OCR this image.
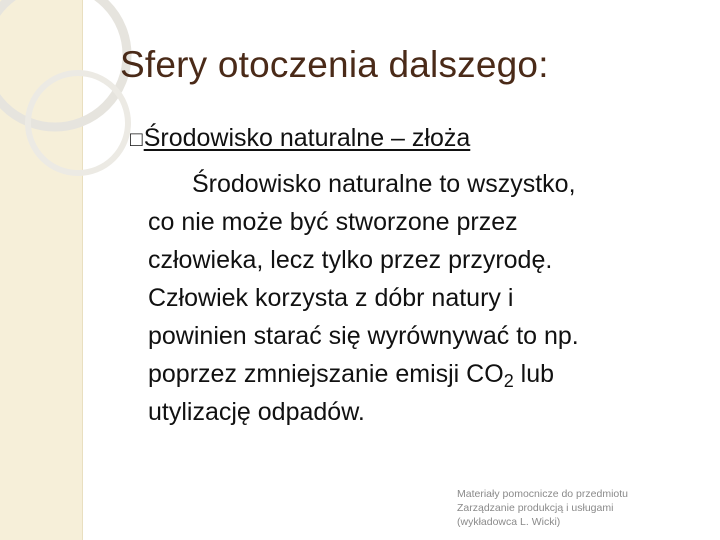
Sfery otoczenia dalszego:
□Środowisko naturalne – złoża
Środowisko naturalne to wszystko,
co nie może być stworzone przez
człowieka, lecz tylko przez przyrodę.
Człowiek korzysta z dóbr natury i
powinien starać się wyrównywać to np.
poprzez zmniejszanie emisji $CO_2$ lub
utylizację odpadów.
Materiały pomocnicze do przedmiotu
Zarządzanie produkcją i usługami
(wykładowca L. Wicki)
